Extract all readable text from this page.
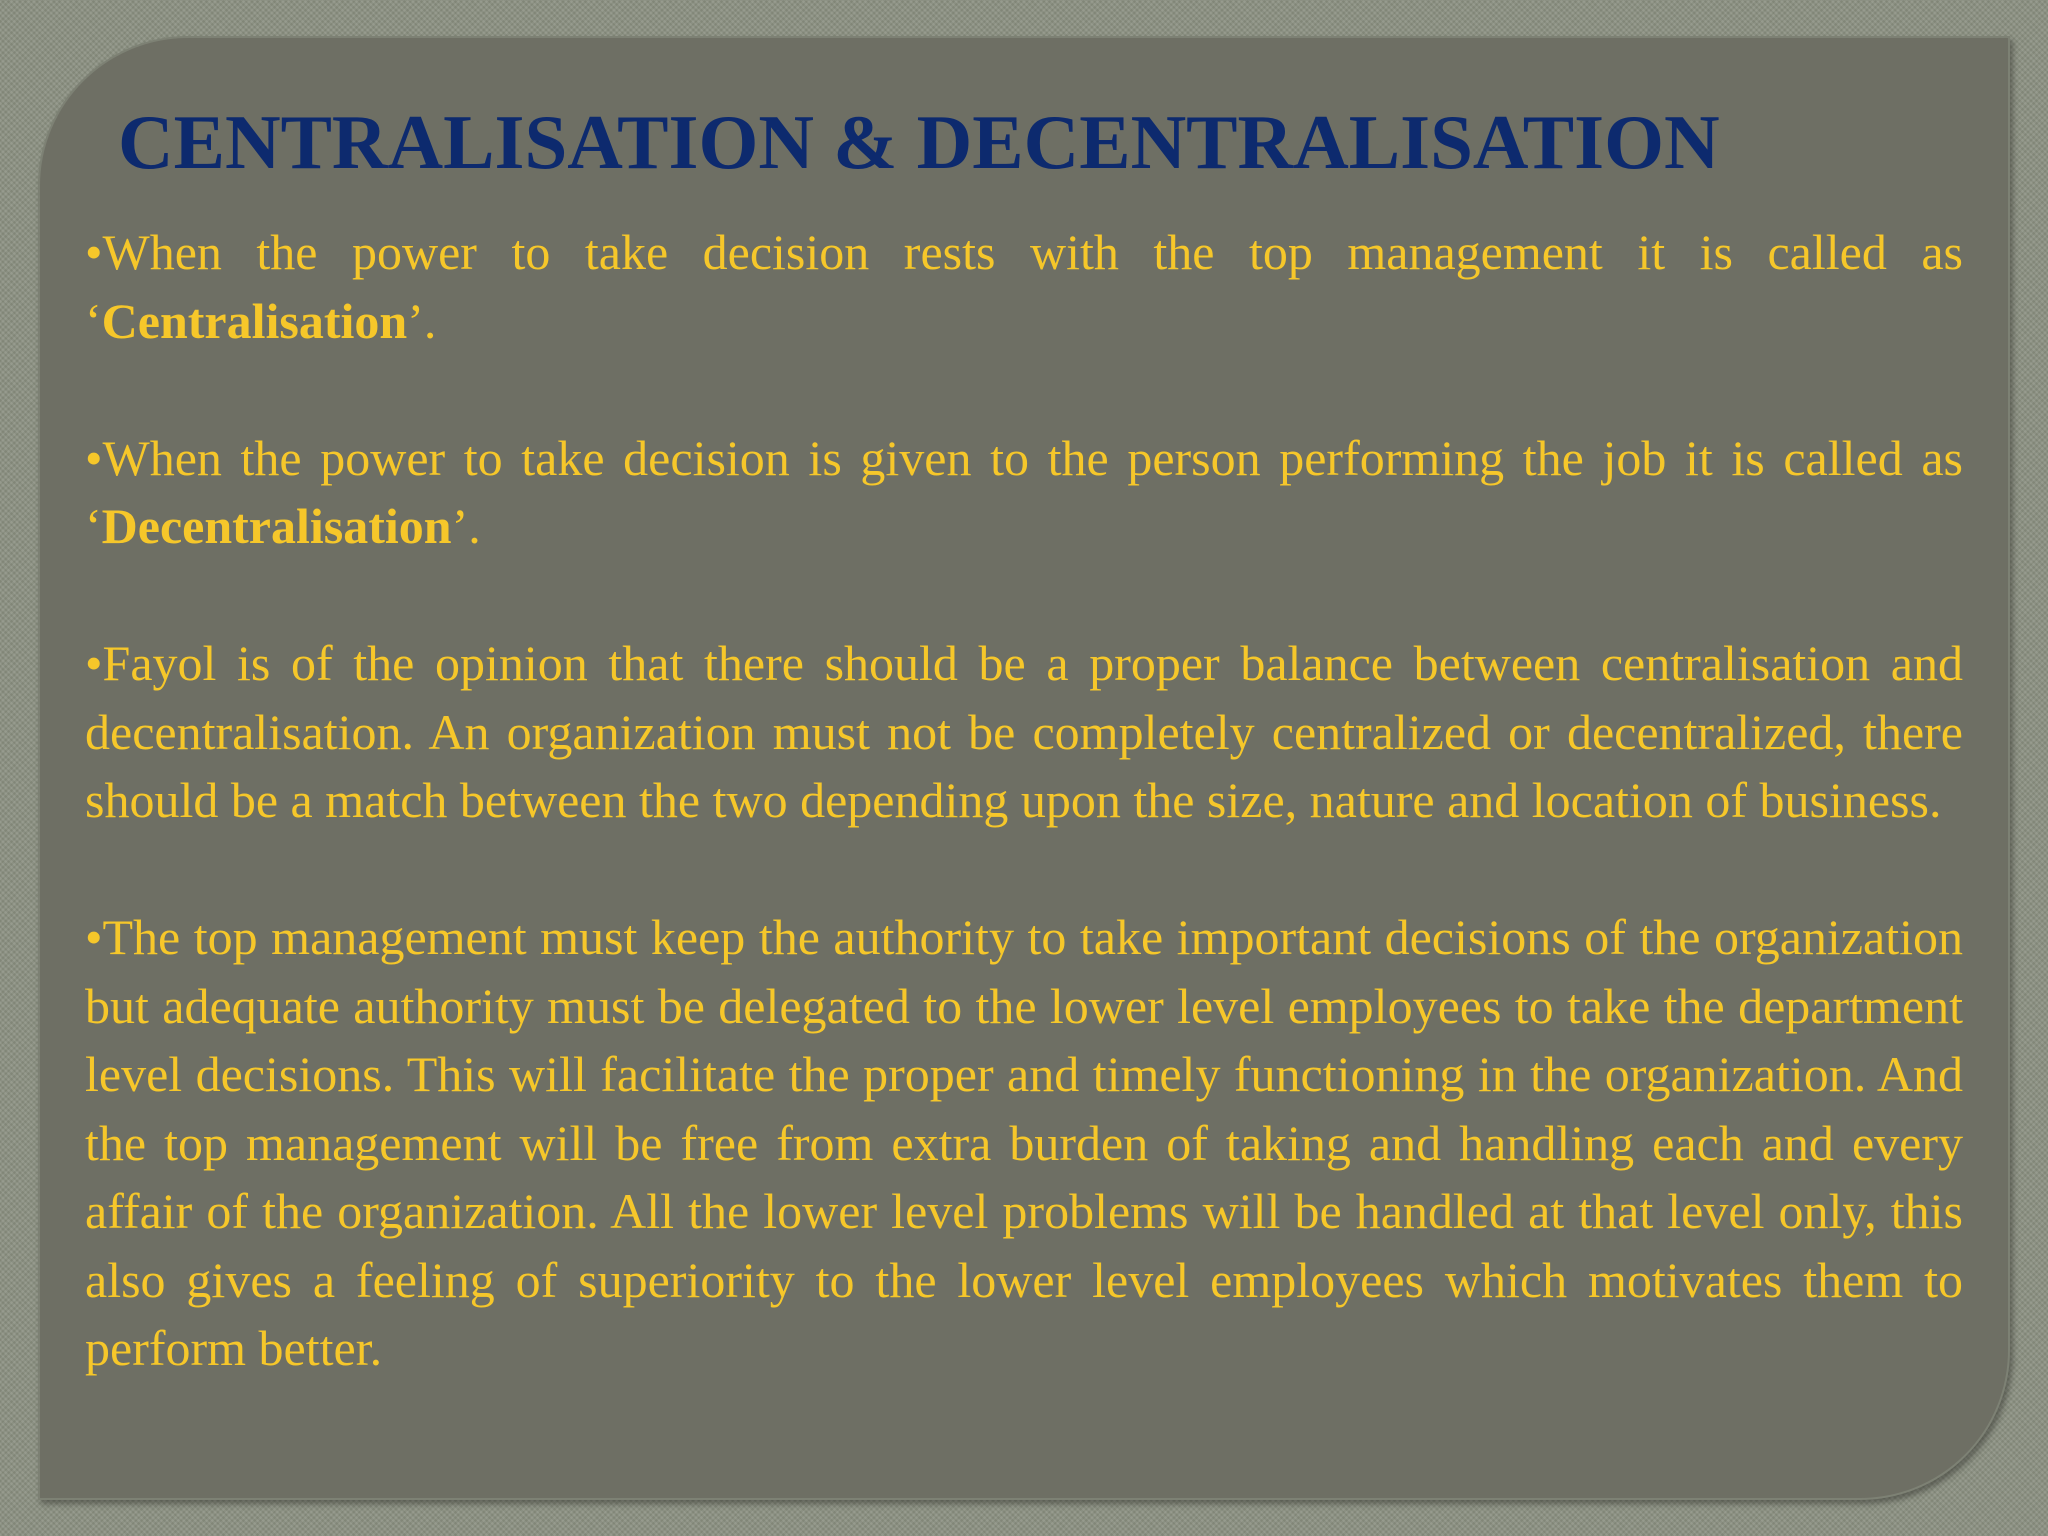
CENTRALISATION & DECENTRALISATION

•When the power to take decision rests with the top management it is called as ‘Centralisation’.

•When the power to take decision is given to the person performing the job it is called as ‘Decentralisation’.

•Fayol is of the opinion that there should be a proper balance between centralisation and decentralisation. An organization must not be completely centralized or decentralized, there should be a match between the two depending upon the size, nature and location of business.

•The top management must keep the authority to take important decisions of the organization but adequate authority must be delegated to the lower level employees to take the department level decisions. This will facilitate the proper and timely functioning in the organization. And the top management will be free from extra burden of taking and handling each and every affair of the organization. All the lower level problems will be handled at that level only, this also gives a feeling of superiority to the lower level employees which motivates them to perform better.
